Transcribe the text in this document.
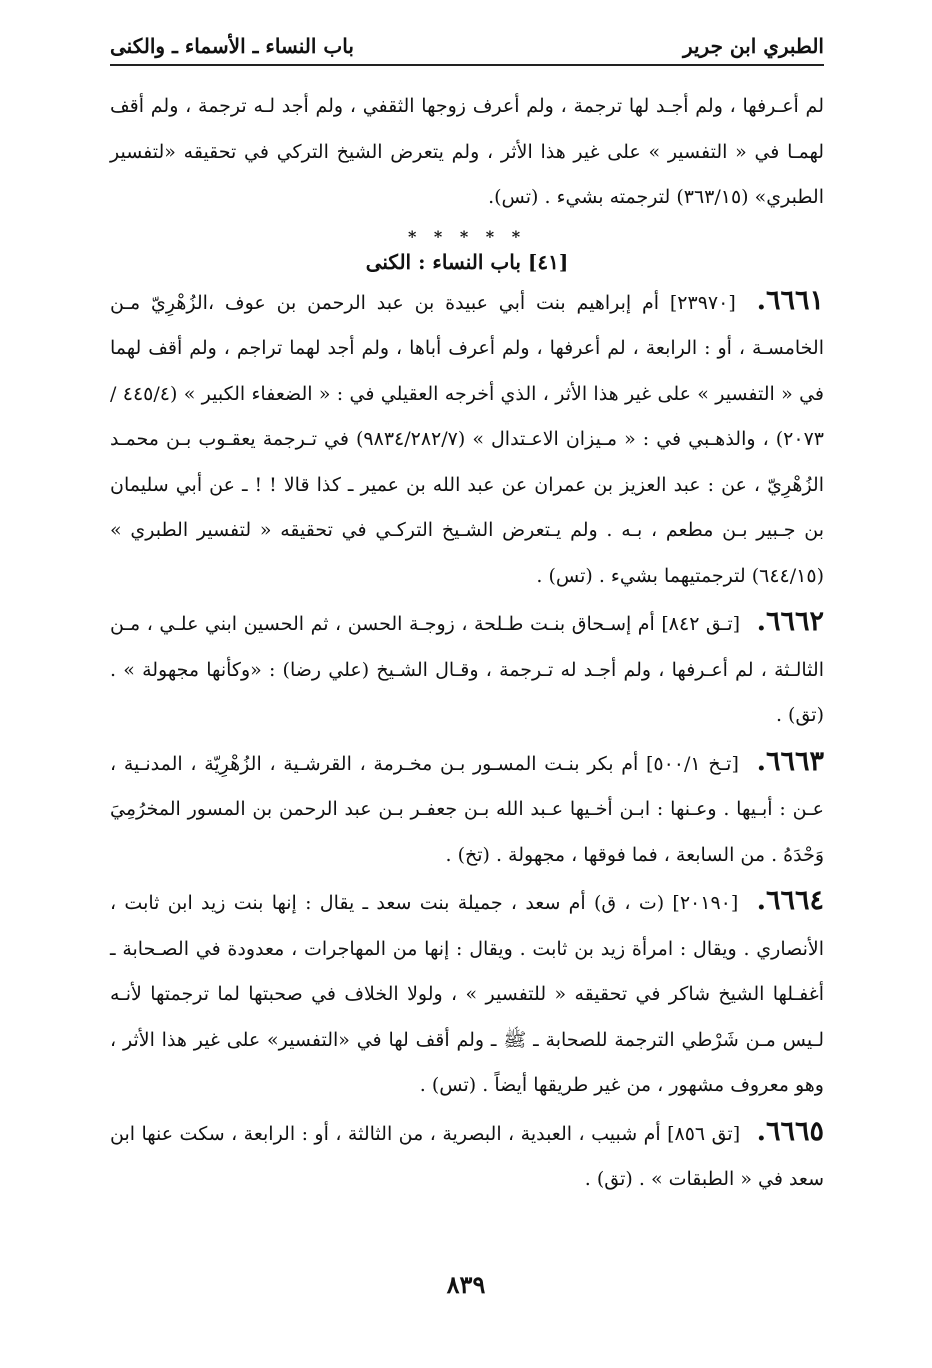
الطبري ابن جرير
باب النساء ـ الأسماء ـ والكنى

لم أعـرفها ، ولم أجـد لها ترجمة ، ولم أعرف زوجها الثقفي ، ولم أجد لـه ترجمة ، ولم أقف لهمـا في « التفسير » على غير هذا الأثر ، ولم يتعرض الشيخ التركي في تحقيقه «لتفسير الطبري» (٣٦٣/١٥) لترجمته بشيء . (تس).

* * * * *
[٤١] باب النساء : الكنى

٦٦٦١. [٢٣٩٧٠] أم إبراهيم بنت أبي عبيدة بن عبد الرحمن بن عوف ،الزُهْرِيّ مـن الخامسـة ، أو : الرابعة ، لم أعرفها ، ولم أعرف أباها ، ولم أجد لهما تراجم ، ولم أقف لهما في « التفسير » على غير هذا الأثر ، الذي أخرجه العقيلي في : « الضعفاء الكبير » (٤٤٥/٤ /٢٠٧٣) ، والذهـبي في : « مـيزان الاعـتدال » (٩٨٣٤/٢٨٢/٧) في تـرجمة يعقـوب بـن محمـد الزُهْرِيّ ، عن : عبد العزيز بن عمران عن عبد الله بن عمير ـ كذا قالا ! ! ـ عن أبي سليمان بن جـبير بـن مطعم ، بـه . ولم يـتعرض الشـيخ التركـي في تحقيقه « لتفسير الطبري » (٦٤٤/١٥) لترجمتيهما بشيء . (تس) .

٦٦٦٢. [تـق ٨٤٢] أم إسـحاق بنـت طـلحة ، زوجـة الحسن ، ثم الحسين ابني علـي ، مـن الثالـثة ، لم أعـرفها ، ولم أجـد له تـرجمة ، وقـال الشـيخ (علي رضا) : «وكأنها مجهولة » . (تق) .

٦٦٦٣. [تـخ ٥٠٠/١] أم بكر بنـت المسـور بـن مخـرمة ، القرشـية ، الزُهْرِيّة ، المدنـية ، عـن : أبـيها . وعـنها : ابـن أخـيها عـبد الله بـن جعفـر بـن عبد الرحمن بن المسور المخرُمِيَ وَحْدَهُ . من السابعة ، فما فوقها ، مجهولة . (تخ) .

٦٦٦٤. [٢٠١٩٠] (ت ، ق) أم سعد ، جميلة بنت سعد ـ يقال : إنها بنت زيد ابن ثابت ، الأنصاري . ويقال : امرأة زيد بن ثابت . ويقال : إنها من المهاجرات ، معدودة في الصـحابة ـ أغفـلها الشيخ شاكر في تحقيقه « للتفسير » ، ولولا الخلاف في صحبتها لما ترجمتها لأنـه لـيس مـن شَرْطي الترجمة للصحابة ـ ﷺ ـ ولم أقف لها في «التفسير» على غير هذا الأثر ، وهو معروف مشهور ، من غير طريقها أيضاً . (تس) .

٦٦٦٥. [تق ٨٥٦] أم شبيب ، العبدية ، البصرية ، من الثالثة ، أو : الرابعة ، سكت عنها ابن سعد في « الطبقات » . (تق) .

٨٣٩
